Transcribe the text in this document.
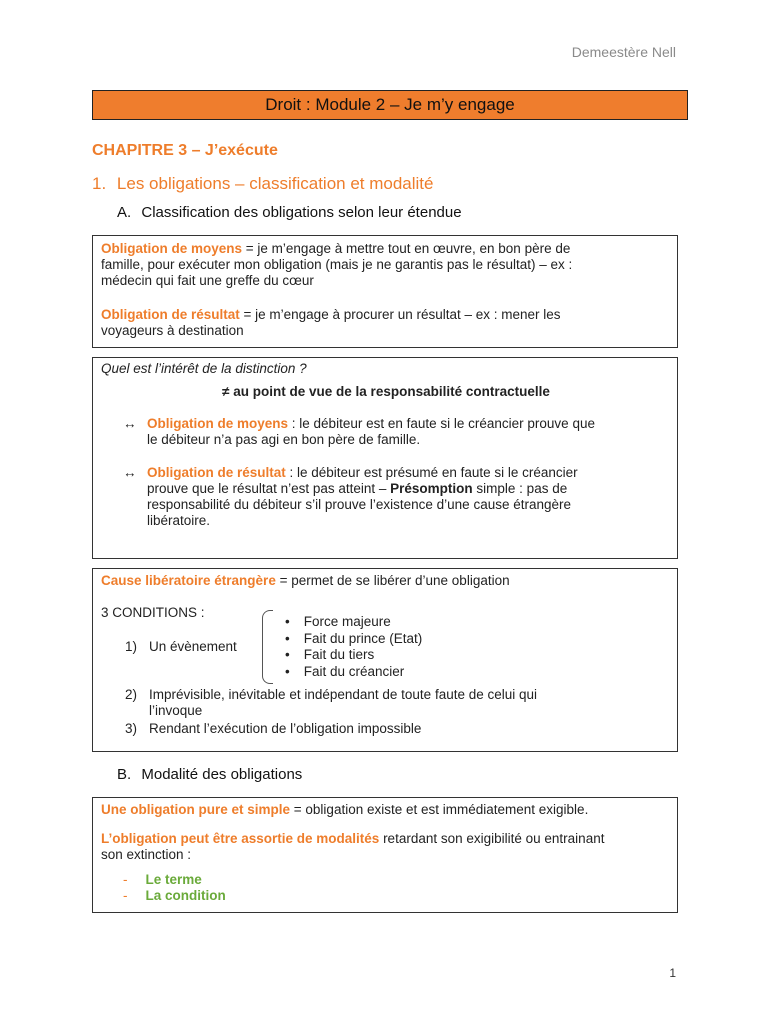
Demeestère Nell
Droit : Module 2 – Je m’y engage
CHAPITRE 3 – J’exécute
1. Les obligations – classification et modalité
A. Classification des obligations selon leur étendue
Obligation de moyens = je m’engage à mettre tout en œuvre, en bon père de
famille, pour exécuter mon obligation (mais je ne garantis pas le résultat) – ex :
médecin qui fait une greffe du cœur
Obligation de résultat = je m’engage à procurer un résultat – ex : mener les
voyageurs à destination
Quel est l’intérêt de la distinction ?
≠ au point de vue de la responsabilité contractuelle
↔ Obligation de moyens : le débiteur est en faute si le créancier prouve que
le débiteur n’a pas agi en bon père de famille.
↔ Obligation de résultat : le débiteur est présumé en faute si le créancier
prouve que le résultat n’est pas atteint – Présomption simple : pas de
responsabilité du débiteur s’il prouve l’existence d’une cause étrangère
libératoire.
Cause libératoire étrangère = permet de se libérer d’une obligation
3 CONDITIONS :
1) Un évènement
• Force majeure
• Fait du prince (Etat)
• Fait du tiers
• Fait du créancier
2) Imprévisible, inévitable et indépendant de toute faute de celui qui
l’invoque
3) Rendant l’exécution de l’obligation impossible
B. Modalité des obligations
Une obligation pure et simple = obligation existe et est immédiatement exigible.
L’obligation peut être assortie de modalités retardant son exigibilité ou entrainant
son extinction :
- Le terme
- La condition
1
